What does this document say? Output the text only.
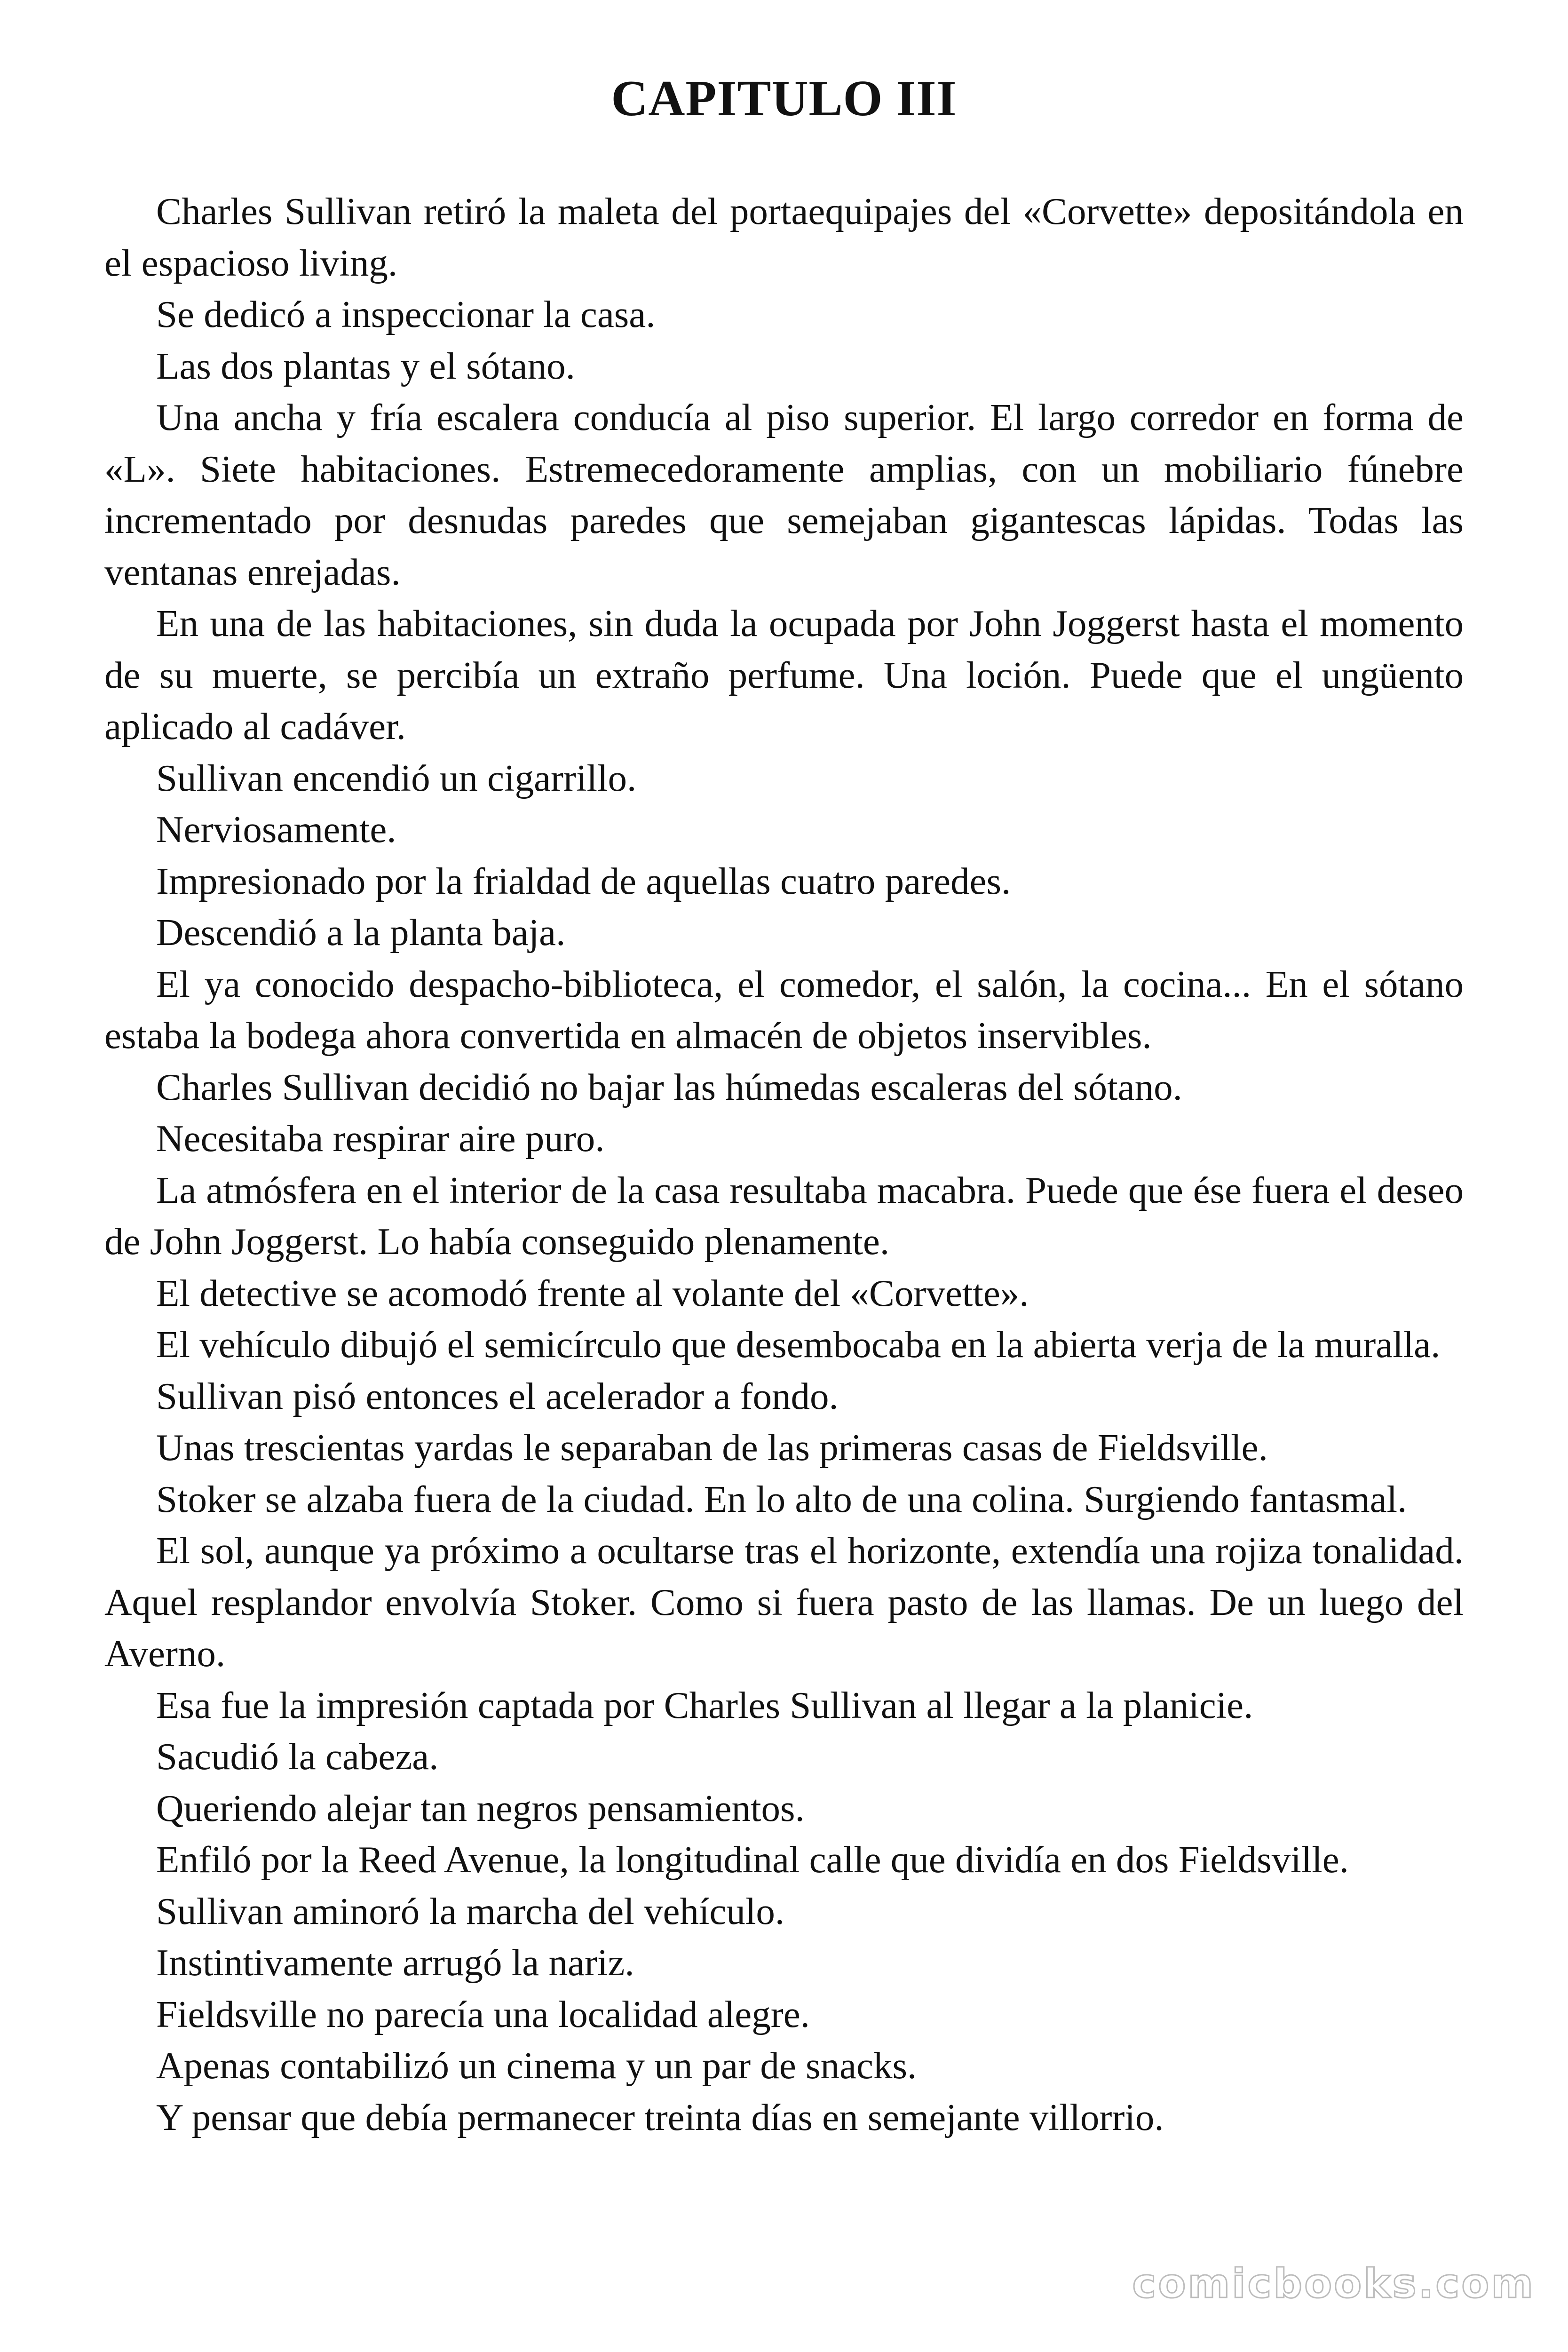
CAPITULO III

Charles Sullivan retiró la maleta del portaequipajes del «Corvette» depositándola en el espacioso living.

Se dedicó a inspeccionar la casa.

Las dos plantas y el sótano.

Una ancha y fría escalera conducía al piso superior. El largo corredor en forma de «L». Siete habitaciones. Estremecedoramente amplias, con un mobiliario fúnebre incrementado por desnudas paredes que semejaban gigantescas lápidas. Todas las ventanas enrejadas.

En una de las habitaciones, sin duda la ocupada por John Joggerst hasta el momento de su muerte, se percibía un extraño perfume. Una loción. Puede que el ungüento aplicado al cadáver.

Sullivan encendió un cigarrillo.

Nerviosamente.

Impresionado por la frialdad de aquellas cuatro paredes.

Descendió a la planta baja.

El ya conocido despacho-biblioteca, el comedor, el salón, la cocina... En el sótano estaba la bodega ahora convertida en almacén de objetos inservibles.

Charles Sullivan decidió no bajar las húmedas escaleras del sótano.

Necesitaba respirar aire puro.

La atmósfera en el interior de la casa resultaba macabra. Puede que ése fuera el deseo de John Joggerst. Lo había conseguido plenamente.

El detective se acomodó frente al volante del «Corvette».

El vehículo dibujó el semicírculo que desembocaba en la abierta verja de la muralla.

Sullivan pisó entonces el acelerador a fondo.

Unas trescientas yardas le separaban de las primeras casas de Fieldsville.

Stoker se alzaba fuera de la ciudad. En lo alto de una colina. Surgiendo fantasmal.

El sol, aunque ya próximo a ocultarse tras el horizonte, extendía una rojiza tonalidad. Aquel resplandor envolvía Stoker. Como si fuera pasto de las llamas. De un luego del Averno.

Esa fue la impresión captada por Charles Sullivan al llegar a la planicie.

Sacudió la cabeza.

Queriendo alejar tan negros pensamientos.

Enfiló por la Reed Avenue, la longitudinal calle que dividía en dos Fieldsville.

Sullivan aminoró la marcha del vehículo.

Instintivamente arrugó la nariz.

Fieldsville no parecía una localidad alegre.

Apenas contabilizó un cinema y un par de snacks.

Y pensar que debía permanecer treinta días en semejante villorrio.

comicbooks.com
